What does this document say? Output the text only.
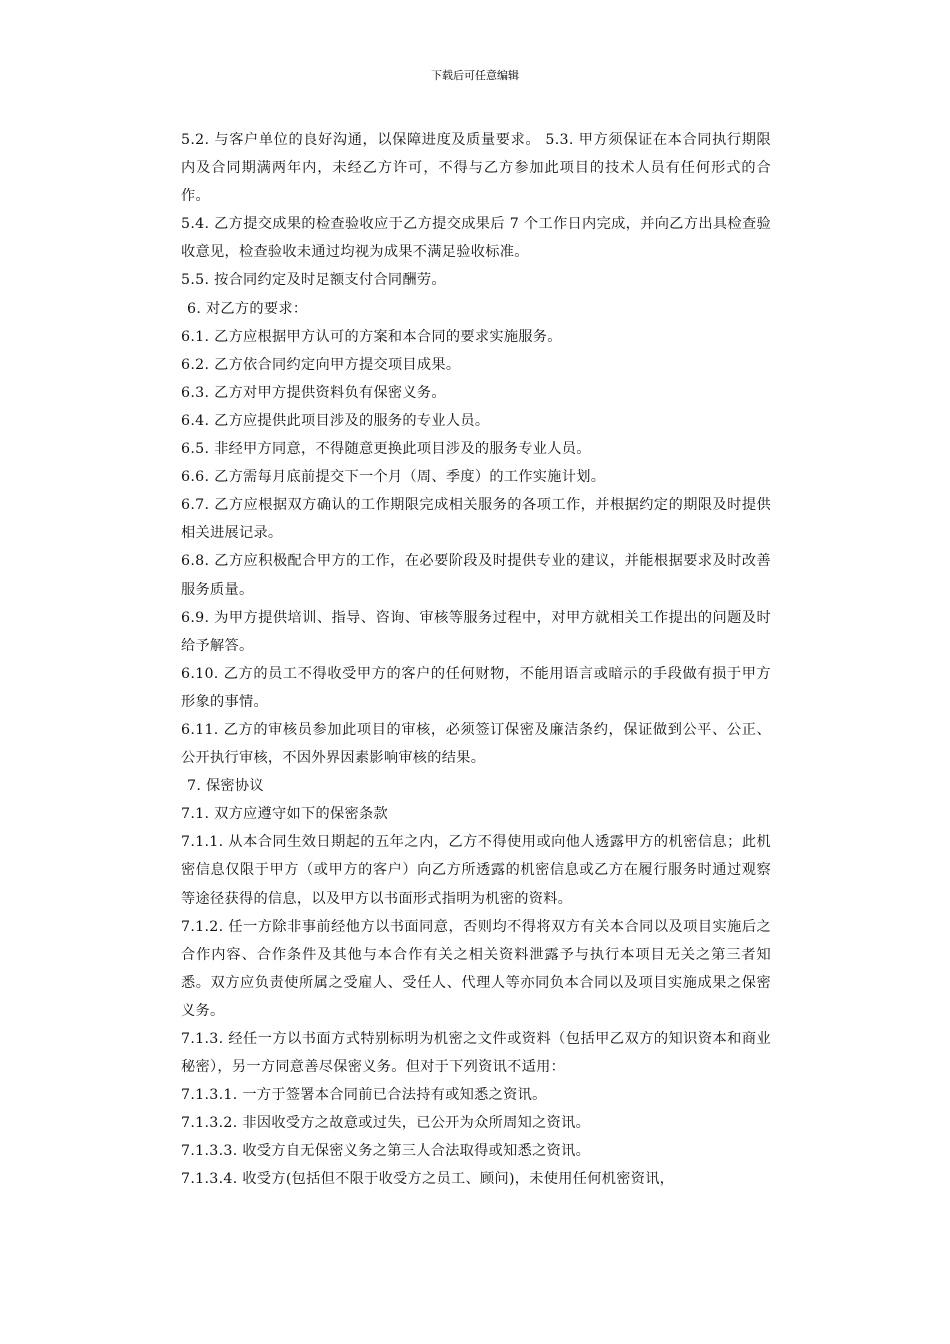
下载后可任意编辑

5.2. 与客户单位的良好沟通，以保障进度及质量要求。 5.3. 甲方须保证在本合同执行期限内及合同期满两年内，未经乙方许可，不得与乙方参加此项目的技术人员有任何形式的合作。

5.4. 乙方提交成果的检查验收应于乙方提交成果后 7 个工作日内完成，并向乙方出具检查验收意见，检查验收未通过均视为成果不满足验收标准。

5.5. 按合同约定及时足额支付合同酬劳。

6. 对乙方的要求：

6.1. 乙方应根据甲方认可的方案和本合同的要求实施服务。

6.2. 乙方依合同约定向甲方提交项目成果。

6.3. 乙方对甲方提供资料负有保密义务。

6.4. 乙方应提供此项目涉及的服务的专业人员。

6.5. 非经甲方同意，不得随意更换此项目涉及的服务专业人员。

6.6. 乙方需每月底前提交下一个月（周、季度）的工作实施计划。

6.7. 乙方应根据双方确认的工作期限完成相关服务的各项工作，并根据约定的期限及时提供相关进展记录。

6.8. 乙方应积极配合甲方的工作，在必要阶段及时提供专业的建议，并能根据要求及时改善服务质量。

6.9. 为甲方提供培训、指导、咨询、审核等服务过程中，对甲方就相关工作提出的问题及时给予解答。

6.10. 乙方的员工不得收受甲方的客户的任何财物，不能用语言或暗示的手段做有损于甲方形象的事情。

6.11. 乙方的审核员参加此项目的审核，必须签订保密及廉洁条约，保证做到公平、公正、公开执行审核，不因外界因素影响审核的结果。

7. 保密协议

7.1. 双方应遵守如下的保密条款

7.1.1. 从本合同生效日期起的五年之内，乙方不得使用或向他人透露甲方的机密信息；此机密信息仅限于甲方（或甲方的客户）向乙方所透露的机密信息或乙方在履行服务时通过观察等途径获得的信息，以及甲方以书面形式指明为机密的资料。

7.1.2. 任一方除非事前经他方以书面同意，否则均不得将双方有关本合同以及项目实施后之合作内容、合作条件及其他与本合作有关之相关资料泄露予与执行本项目无关之第三者知悉。双方应负责使所属之受雇人、受任人、代理人等亦同负本合同以及项目实施成果之保密义务。

7.1.3. 经任一方以书面方式特别标明为机密之文件或资料（包括甲乙双方的知识资本和商业秘密），另一方同意善尽保密义务。但对于下列资讯不适用：

7.1.3.1. 一方于签署本合同前已合法持有或知悉之资讯。

7.1.3.2. 非因收受方之故意或过失，已公开为众所周知之资讯。

7.1.3.3. 收受方自无保密义务之第三人合法取得或知悉之资讯。

7.1.3.4. 收受方(包括但不限于收受方之员工、顾问)，未使用任何机密资讯，
